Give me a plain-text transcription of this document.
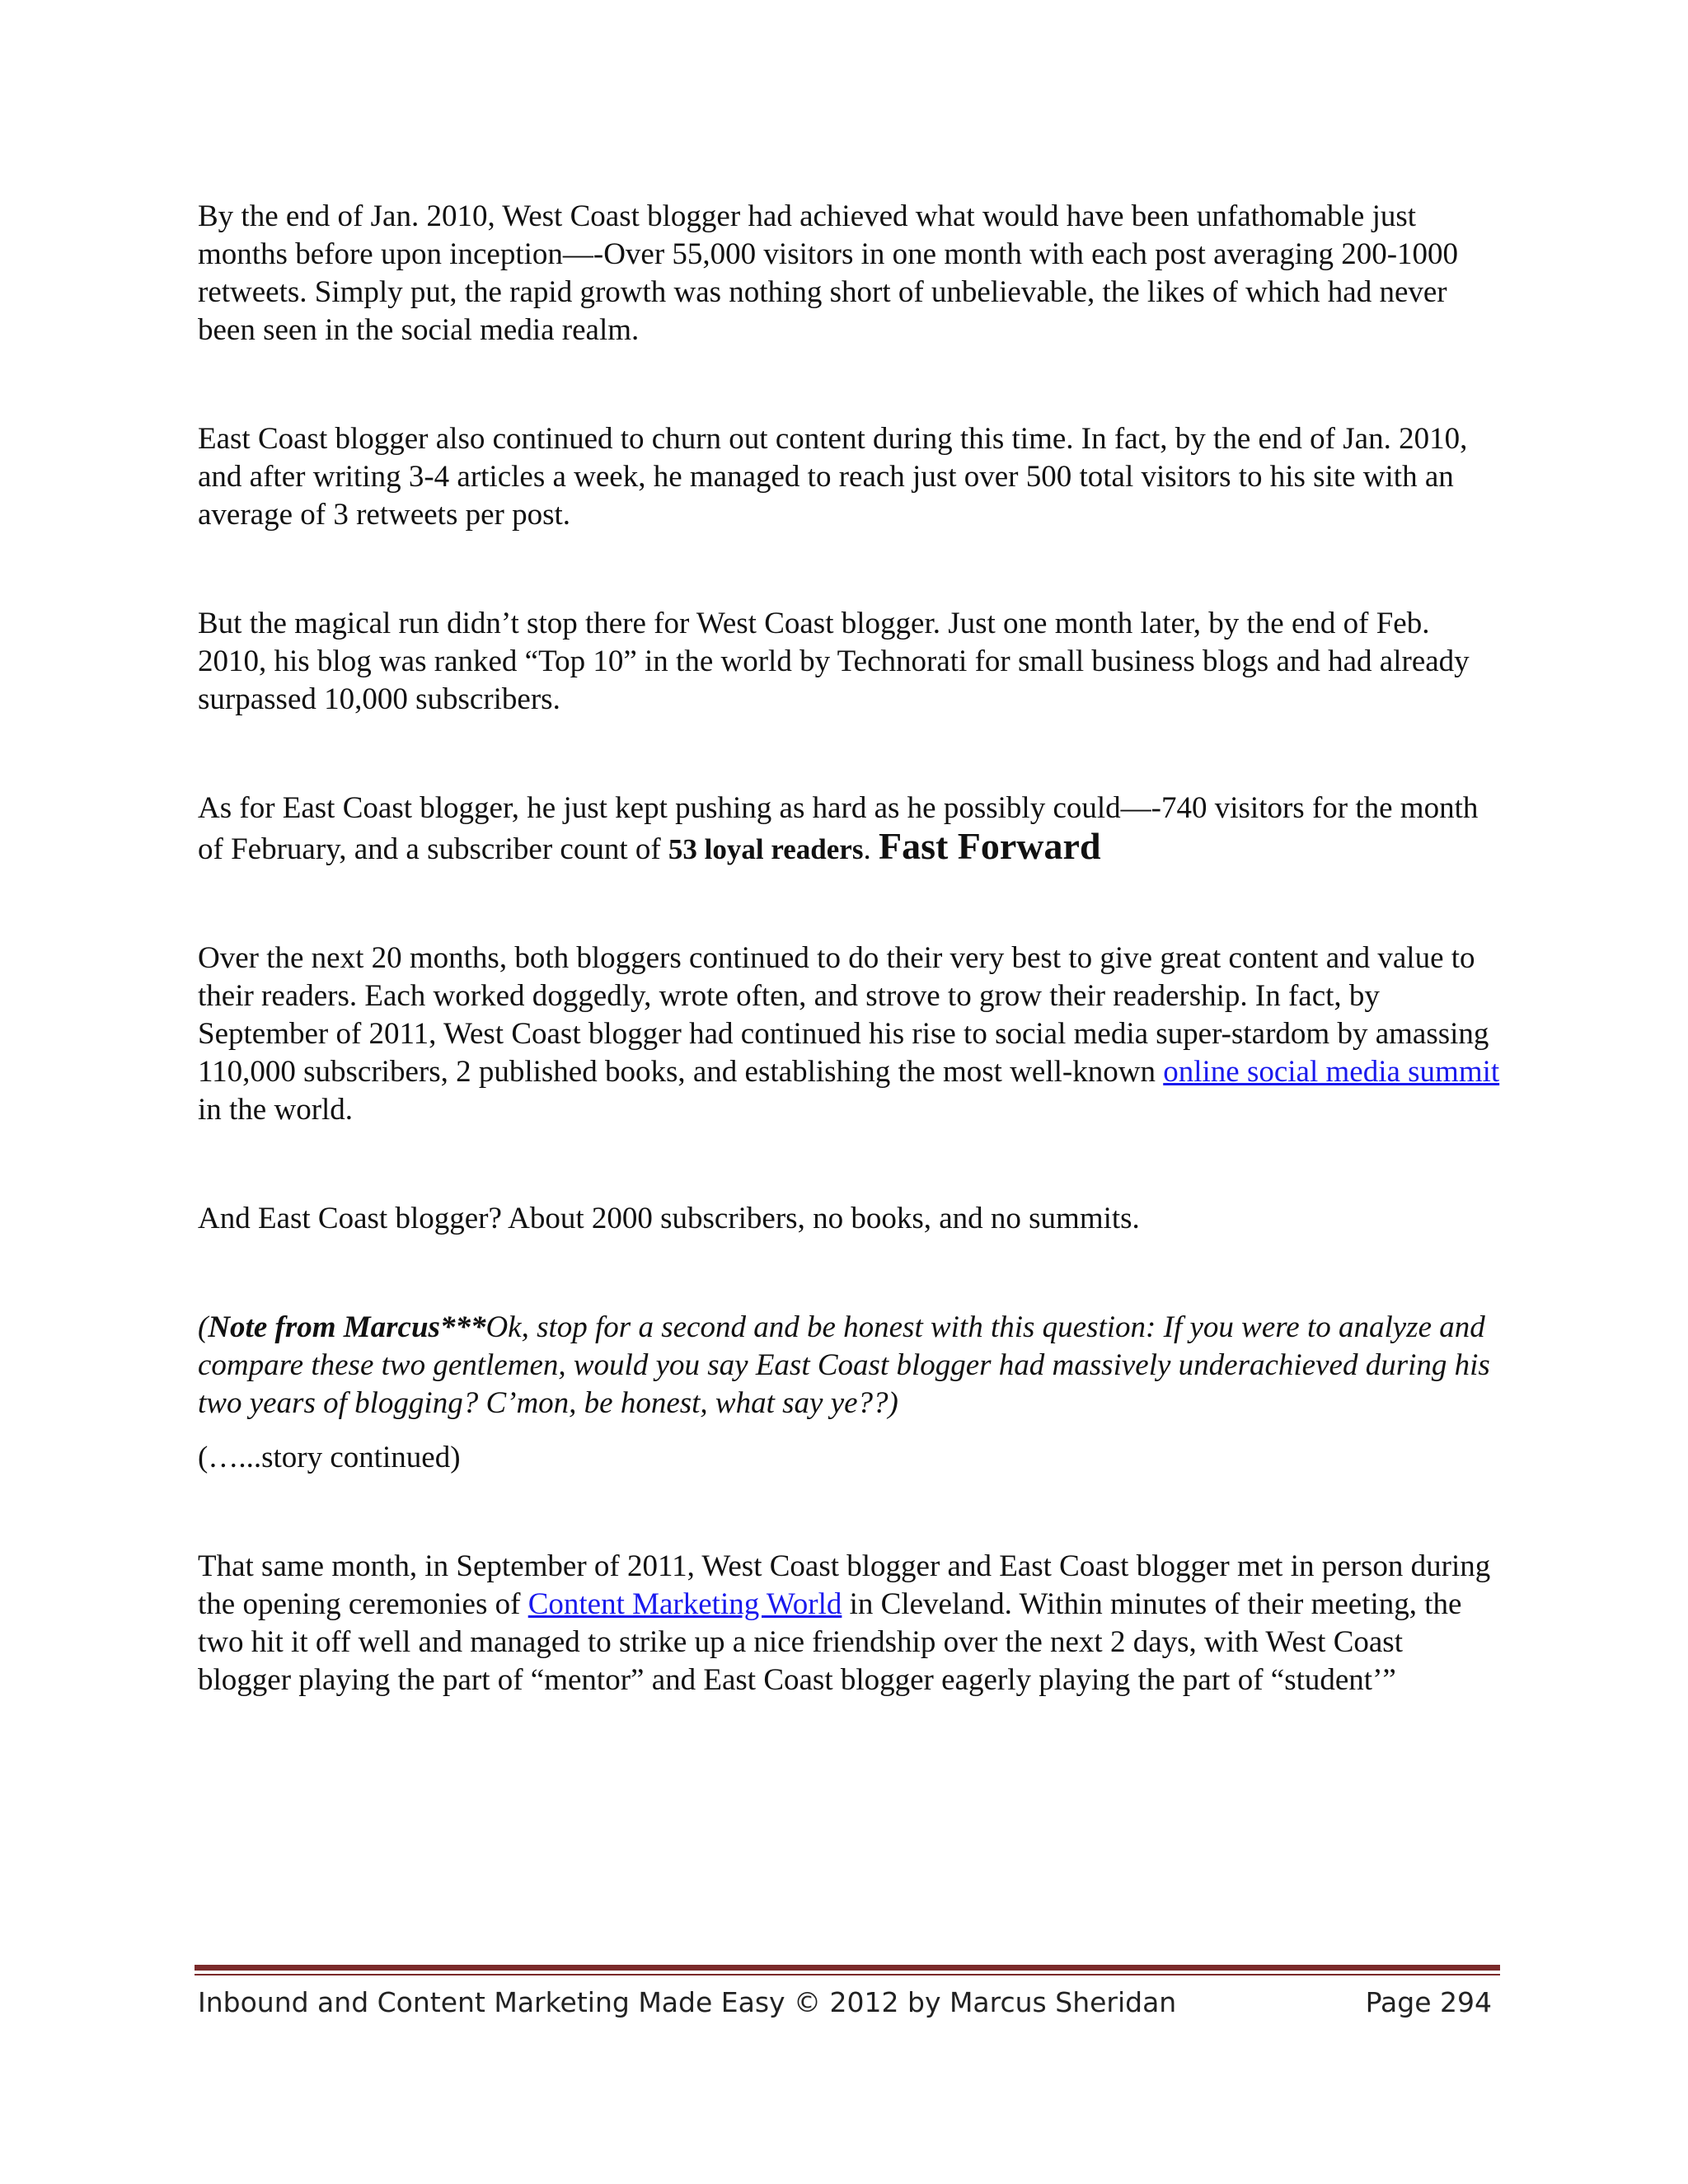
By the end of Jan. 2010, West Coast blogger had achieved what would have been unfathomable just months before upon inception—-Over 55,000 visitors in one month with each post averaging 200-1000 retweets. Simply put, the rapid growth was nothing short of unbelievable, the likes of which had never been seen in the social media realm.

East Coast blogger also continued to churn out content during this time. In fact, by the end of Jan. 2010, and after writing 3-4 articles a week, he managed to reach just over 500 total visitors to his site with an average of 3 retweets per post.

But the magical run didn’t stop there for West Coast blogger. Just one month later, by the end of Feb. 2010, his blog was ranked “Top 10” in the world by Technorati for small business blogs and had already surpassed 10,000 subscribers.

As for East Coast blogger, he just kept pushing as hard as he possibly could—-740 visitors for the month of February, and a subscriber count of 53 loyal readers. Fast Forward

Over the next 20 months, both bloggers continued to do their very best to give great content and value to their readers. Each worked doggedly, wrote often, and strove to grow their readership. In fact, by September of 2011, West Coast blogger had continued his rise to social media super-stardom by amassing 110,000 subscribers, 2 published books, and establishing the most well-known online social media summit in the world.

And East Coast blogger? About 2000 subscribers, no books, and no summits.

(Note from Marcus***Ok, stop for a second and be honest with this question: If you were to analyze and compare these two gentlemen, would you say East Coast blogger had massively underachieved during his two years of blogging? C’mon, be honest, what say ye??)

(…...story continued)

That same month, in September of 2011, West Coast blogger and East Coast blogger met in person during the opening ceremonies of Content Marketing World in Cleveland. Within minutes of their meeting, the two hit it off well and managed to strike up a nice friendship over the next 2 days, with West Coast blogger playing the part of “mentor” and East Coast blogger eagerly playing the part of “student’”

Inbound and Content Marketing Made Easy © 2012 by Marcus Sheridan	Page 294
